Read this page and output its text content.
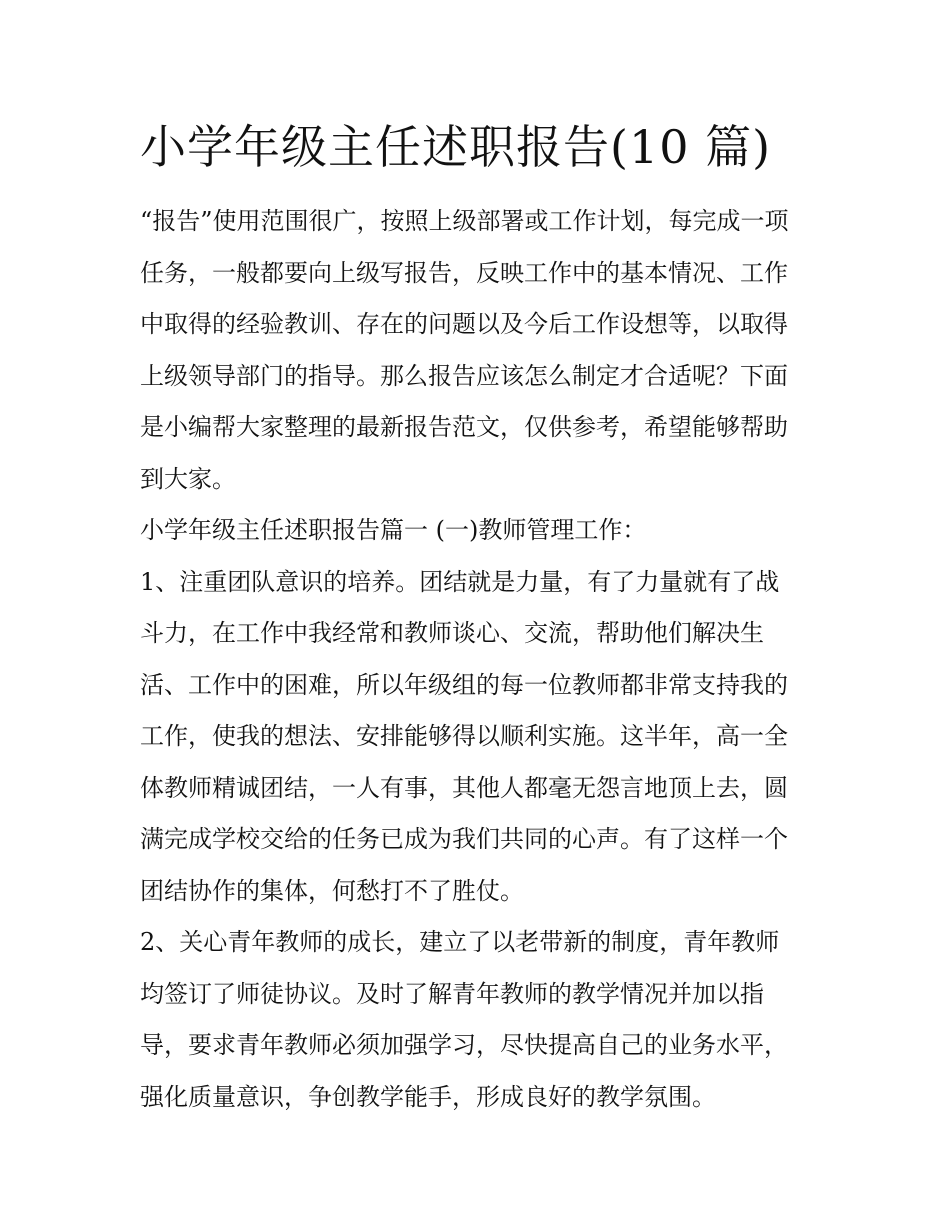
小学年级主任述职报告(10 篇)
“报告”使用范围很广，按照上级部署或工作计划，每完成一项
任务，一般都要向上级写报告，反映工作中的基本情况、工作
中取得的经验教训、存在的问题以及今后工作设想等，以取得
上级领导部门的指导。那么报告应该怎么制定才合适呢？下面
是小编帮大家整理的最新报告范文，仅供参考，希望能够帮助
到大家。
小学年级主任述职报告篇一 (一)教师管理工作：
1、注重团队意识的培养。团结就是力量，有了力量就有了战
斗力，在工作中我经常和教师谈心、交流，帮助他们解决生
活、工作中的困难，所以年级组的每一位教师都非常支持我的
工作，使我的想法、安排能够得以顺利实施。这半年，高一全
体教师精诚团结，一人有事，其他人都毫无怨言地顶上去，圆
满完成学校交给的任务已成为我们共同的心声。有了这样一个
团结协作的集体，何愁打不了胜仗。
2、关心青年教师的成长，建立了以老带新的制度，青年教师
均签订了师徒协议。及时了解青年教师的教学情况并加以指
导，要求青年教师必须加强学习，尽快提高自己的业务水平，
强化质量意识，争创教学能手，形成良好的教学氛围。
